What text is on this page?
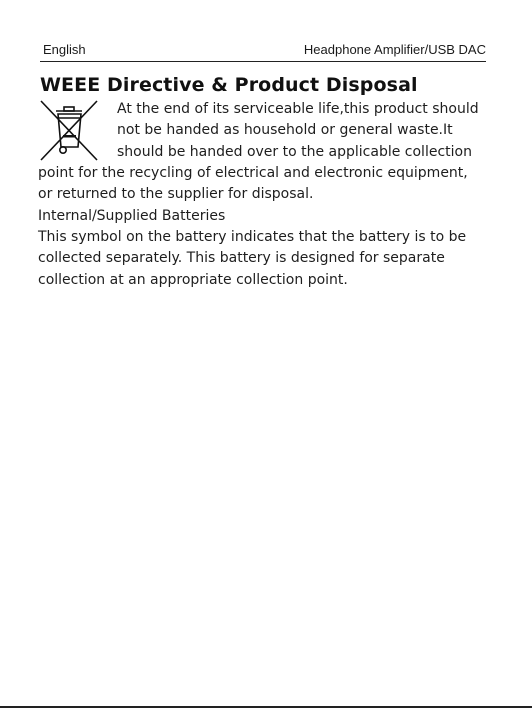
English	Headphone Amplifier/USB DAC
WEEE Directive & Product Disposal
At the end of its serviceable life,this product should
not be handed as household or general waste.It
should be handed over to the applicable collection
point for the recycling of electrical and electronic equipment,
or returned to the supplier for disposal.
Internal/Supplied Batteries
This symbol on the battery indicates that the battery is to be
collected separately. This battery is designed for separate
collection at an appropriate collection point.
